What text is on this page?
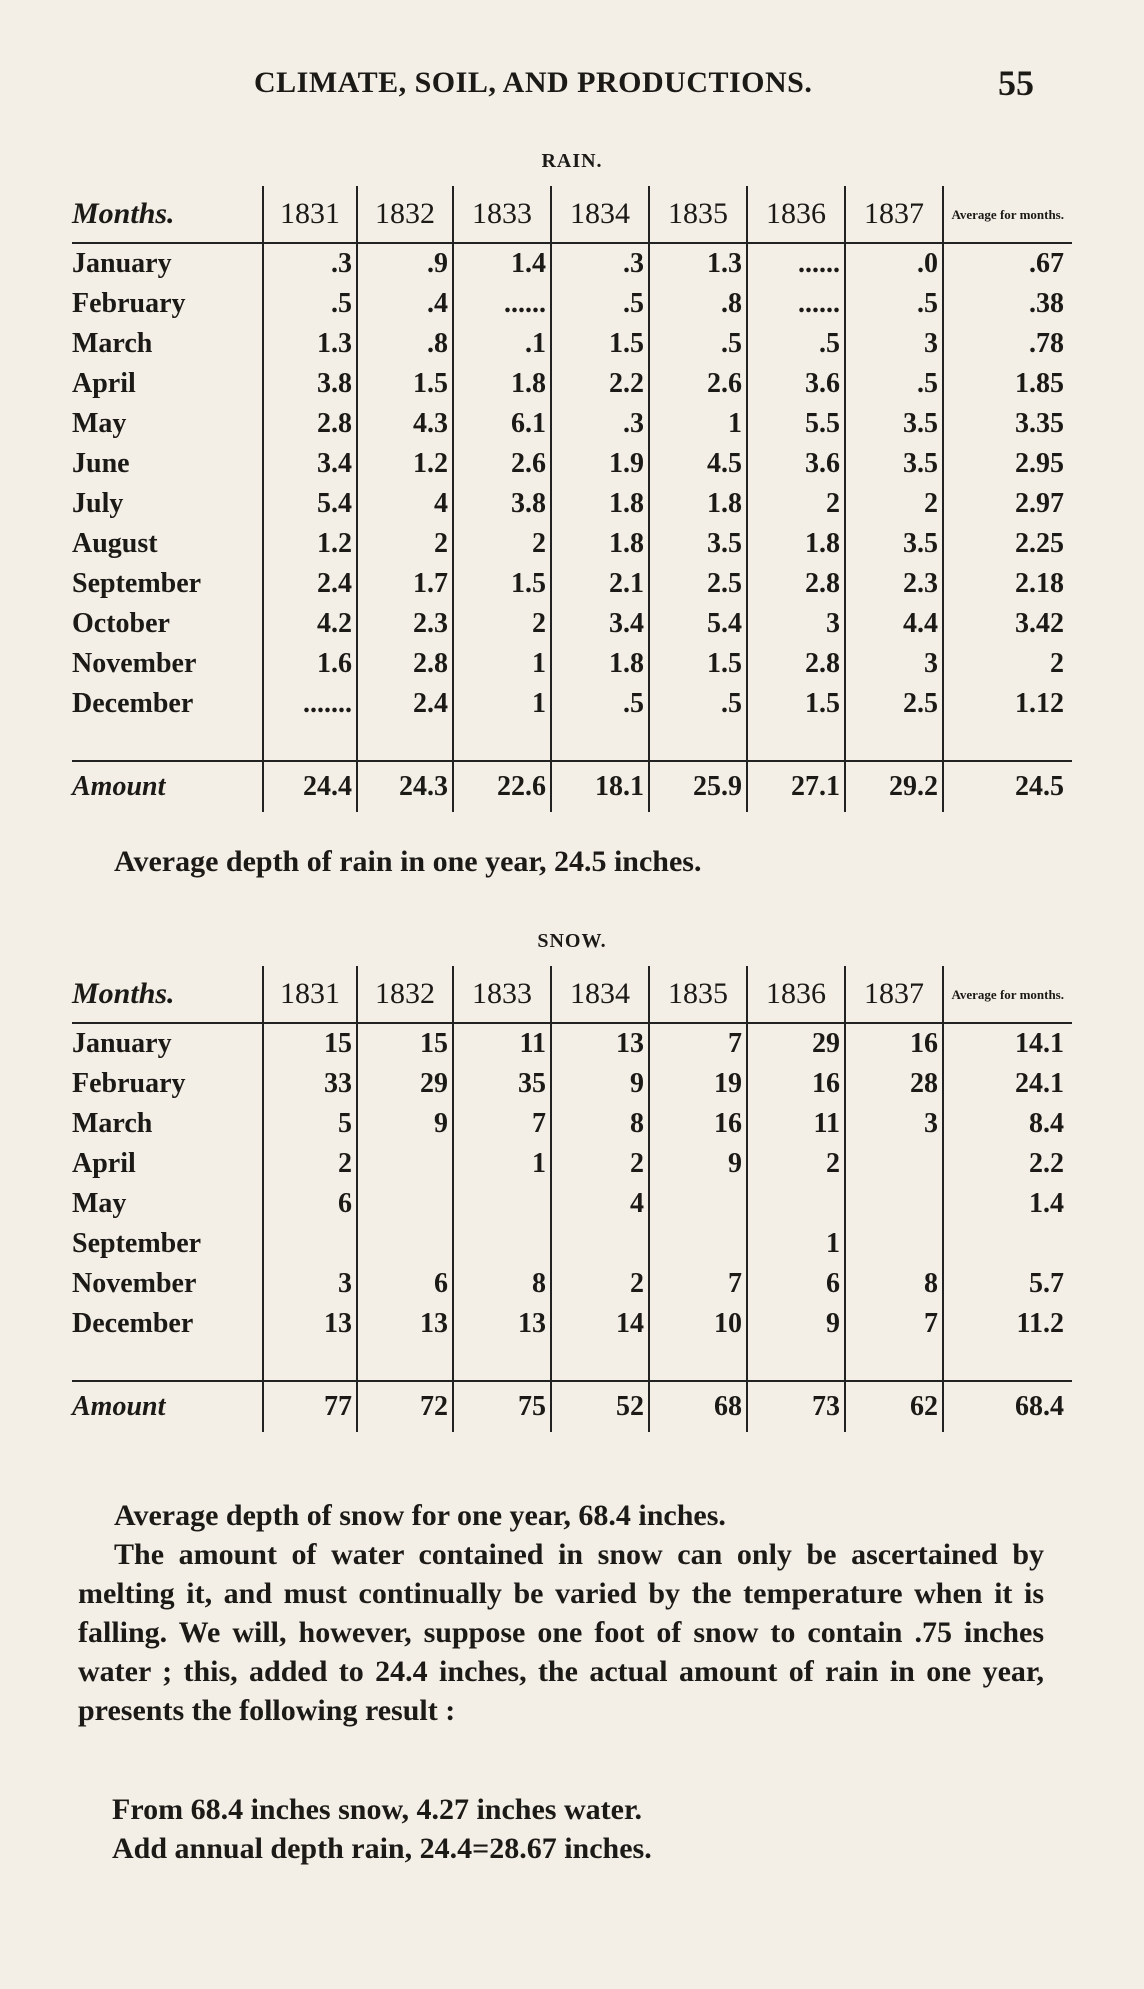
CLIMATE, SOIL, AND PRODUCTIONS.	55
RAIN.
Months.	1831	1832	1833	1834	1835	1836	1837	Average for months.
January	.3	.9	1.4	.3	1.3	......	.0	.67
February	.5	.4	......	.5	.8	......	.5	.38
March	1.3	.8	.1	1.5	.5	.5	3	.78
April	3.8	1.5	1.8	2.2	2.6	3.6	.5	1.85
May	2.8	4.3	6.1	.3	1	5.5	3.5	3.35
June	3.4	1.2	2.6	1.9	4.5	3.6	3.5	2.95
July	5.4	4	3.8	1.8	1.8	2	2	2.97
August	1.2	2	2	1.8	3.5	1.8	3.5	2.25
September	2.4	1.7	1.5	2.1	2.5	2.8	2.3	2.18
October	4.2	2.3	2	3.4	5.4	3	4.4	3.42
November	1.6	2.8	1	1.8	1.5	2.8	3	2
December	.......	2.4	1	.5	.5	1.5	2.5	1.12

Amount	24.4	24.3	22.6	18.1	25.9	27.1	29.2	24.5
Average depth of rain in one year, 24.5 inches.
SNOW.
Months.	1831	1832	1833	1834	1835	1836	1837	Average for months.
January	15	15	11	13	7	29	16	14.1
February	33	29	35	9	19	16	28	24.1
March	5	9	7	8	16	11	3	8.4
April	2		1	2	9	2		2.2
May	6			4				1.4
September						1		
November	3	6	8	2	7	6	8	5.7
December	13	13	13	14	10	9	7	11.2

Amount	77	72	75	52	68	73	62	68.4
Average depth of snow for one year, 68.4 inches.
The amount of water contained in snow can only be ascertained by melting it, and must continually be varied by the temperature when it is falling. We will, however, suppose one foot of snow to contain .75 inches water ; this, added to 24.4 inches, the actual amount of rain in one year, presents the following result :
From 68.4 inches snow, 4.27 inches water.
Add annual depth rain, 24.4=28.67 inches.
